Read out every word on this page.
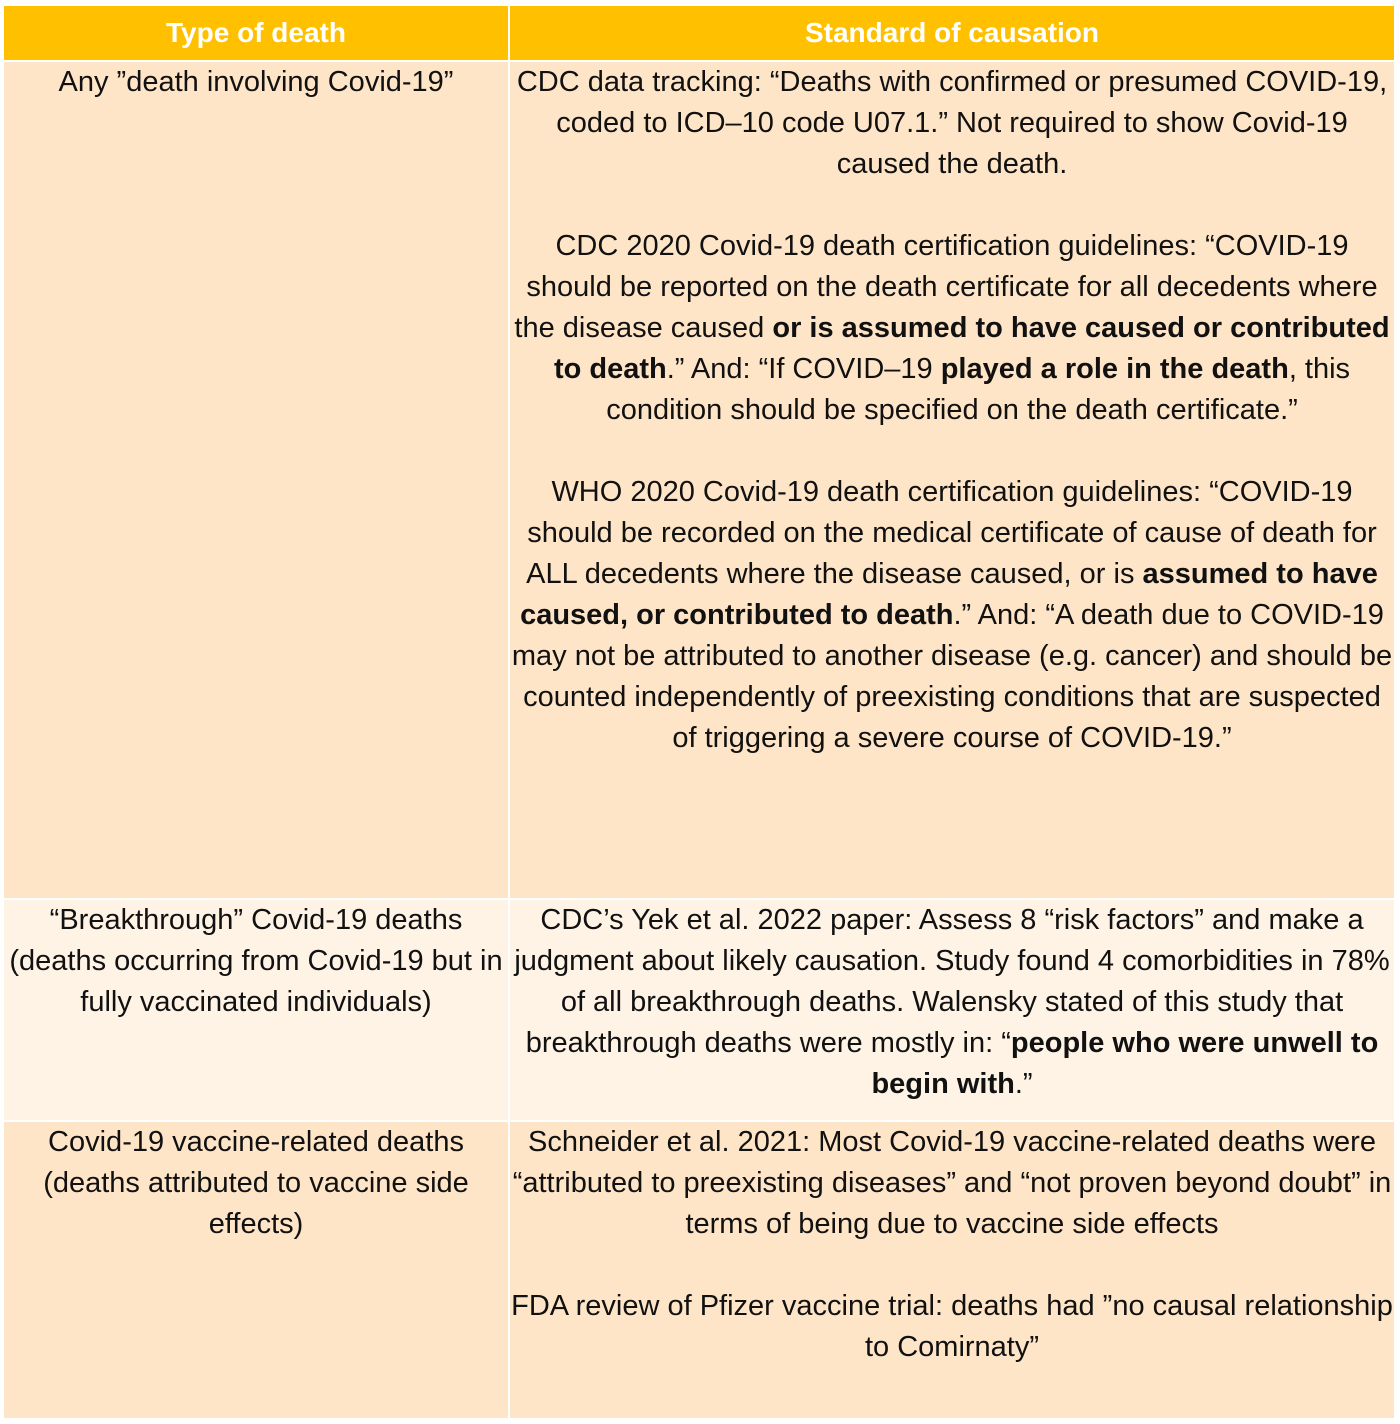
Type of death	Standard of causation
Any ”death involving Covid-19”	CDC data tracking: “Deaths with confirmed or presumed COVID-19, coded to ICD–10 code U07.1.” Not required to show Covid-19 caused the death.

CDC 2020 Covid-19 death certification guidelines: “COVID-19 should be reported on the death certificate for all decedents where the disease caused or is assumed to have caused or contributed to death.” And: “If COVID–19 played a role in the death, this condition should be specified on the death certificate.”

WHO 2020 Covid-19 death certification guidelines: “COVID-19 should be recorded on the medical certificate of cause of death for ALL decedents where the disease caused, or is assumed to have caused, or contributed to death.” And: “A death due to COVID-19 may not be attributed to another disease (e.g. cancer) and should be counted independently of preexisting conditions that are suspected of triggering a severe course of COVID-19.”

“Breakthrough” Covid-19 deaths (deaths occurring from Covid-19 but in fully vaccinated individuals)	CDC’s Yek et al. 2022 paper: Assess 8 “risk factors” and make a judgment about likely causation. Study found 4 comorbidities in 78% of all breakthrough deaths. Walensky stated of this study that breakthrough deaths were mostly in: “people who were unwell to begin with.”

Covid-19 vaccine-related deaths (deaths attributed to vaccine side effects)	Schneider et al. 2021: Most Covid-19 vaccine-related deaths were “attributed to preexisting diseases” and “not proven beyond doubt” in terms of being due to vaccine side effects

FDA review of Pfizer vaccine trial: deaths had ”no causal relationship to Comirnaty”
